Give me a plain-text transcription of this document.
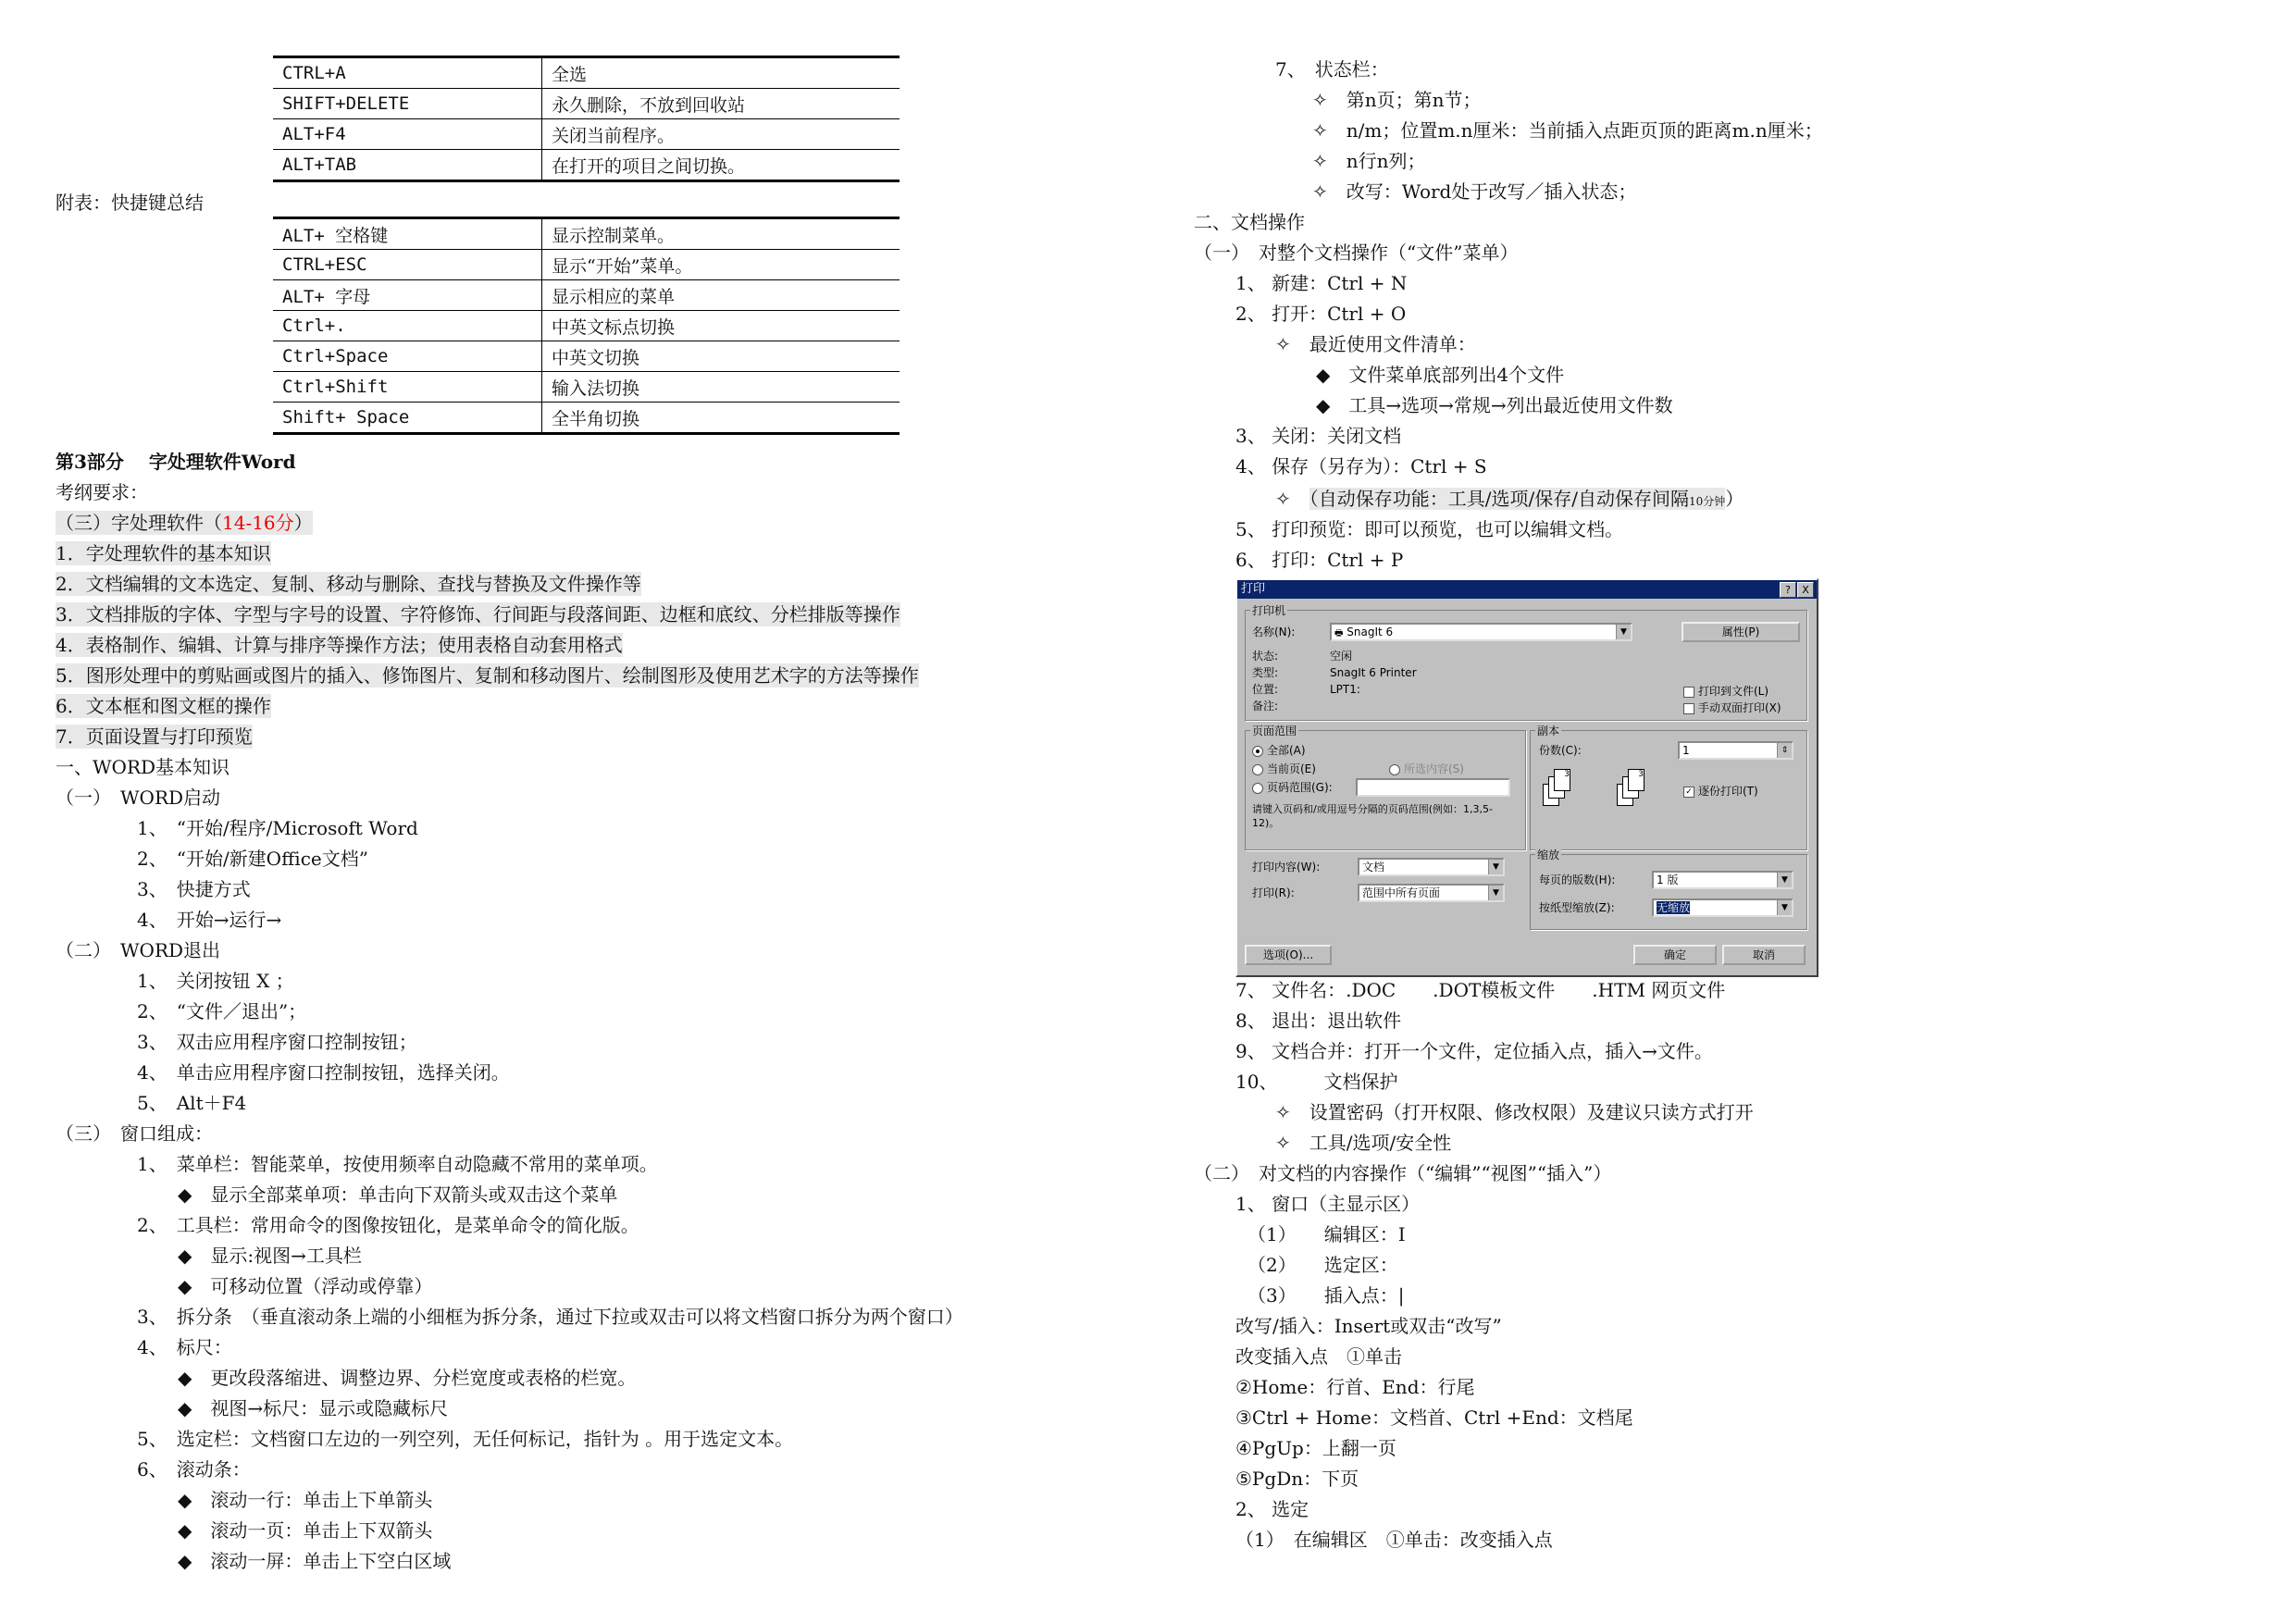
CTRL+A	全选
SHIFT+DELETE	永久删除，不放到回收站
ALT+F4	关闭当前程序。
ALT+TAB	在打开的项目之间切换。
附表：快捷键总结
ALT+ 空格键	显示控制菜单。
CTRL+ESC	显示“开始”菜单。
ALT+ 字母	显示相应的菜单
Ctrl+.	中英文标点切换
Ctrl+Space	中英文切换
Ctrl+Shift	输入法切换
Shift+ Space	全半角切换
第3部分　 字处理软件Word
考纲要求：
（三）字处理软件（14-16分）
1．字处理软件的基本知识
2．文档编辑的文本选定、复制、移动与删除、查找与替换及文件操作等
3．文档排版的字体、字型与字号的设置、字符修饰、行间距与段落间距、边框和底纹、分栏排版等操作
4．表格制作、编辑、计算与排序等操作方法；使用表格自动套用格式
5．图形处理中的剪贴画或图片的插入、修饰图片、复制和移动图片、绘制图形及使用艺术字的方法等操作
6．文本框和图文框的操作
7．页面设置与打印预览
一、WORD基本知识
（一）　WORD启动
1、　“开始/程序/Microsoft Word
2、　“开始/新建Office文档”
3、　快捷方式
4、　开始→运行→
（二）　WORD退出
1、　关闭按钮 X ；
2、　“文件／退出”；
3、　双击应用程序窗口控制按钮；
4、　单击应用程序窗口控制按钮，选择关闭。
5、　Alt＋F4
（三）　窗口组成：
1、　菜单栏：智能菜单，按使用频率自动隐藏不常用的菜单项。
◆　显示全部菜单项：单击向下双箭头或双击这个菜单
2、　工具栏：常用命令的图像按钮化，是菜单命令的简化版。
◆　显示:视图→工具栏
◆　可移动位置（浮动或停靠）
3、　拆分条　（垂直滚动条上端的小细框为拆分条，通过下拉或双击可以将文档窗口拆分为两个窗口）
4、　标尺：
◆　更改段落缩进、调整边界、分栏宽度或表格的栏宽。
◆　视图→标尺：显示或隐藏标尺
5、　选定栏：文档窗口左边的一列空列，无任何标记，指针为 。用于选定文本。
6、　滚动条：
◆　滚动一行：单击上下单箭头
◆　滚动一页：单击上下双箭头
◆　滚动一屏：单击上下空白区域
7、　状态栏：
✧　第n页；第n节；
✧　n/m；位置m.n厘米：当前插入点距页顶的距离m.n厘米；
✧　n行n列；
✧　改写：Word处于改写／插入状态；
二、文档操作
（一）　对整个文档操作（“文件”菜单）
1、 新建：Ctrl + N
2、 打开：Ctrl + O
✧　最近使用文件清单：
◆　文件菜单底部列出4个文件
◆　工具→选项→常规→列出最近使用文件数
3、 关闭：关闭文档
4、 保存（另存为）：Ctrl + S
✧　（自动保存功能：工具/选项/保存/自动保存间隔10分钟）
5、 打印预览：即可以预览，也可以编辑文档。
6、 打印：Ctrl + P
打印	?	X
打印机
名称(N):	🖶 SnagIt 6	▼	属性(P)
状态:	空闲
类型:	SnagIt 6 Printer
位置:	LPT1:
备注:
打印到文件(L)
手动双面打印(X)
页面范围
全部(A)
当前页(E)	所选内容(S)
页码范围(G):
请键入页码和/或用逗号分隔的页码范围(例如：1,3,5-12)。
副本
份数(C):	1	⇕
3	3
✓ 逐份打印(T)
打印内容(W):	文档	▼
打印(R):	范围中所有页面	▼
缩放
每页的版数(H):	1 版	▼
按纸型缩放(Z):	无缩放	▼
选项(O)...	确定	取消
7、 文件名：.DOC　　.DOT模板文件　　.HTM 网页文件
8、 退出：退出软件
9、 文档合并：打开一个文件，定位插入点，插入→文件。
10、　　　文档保护
✧　设置密码（打开权限、修改权限）及建议只读方式打开
✧　工具/选项/安全性
（二）　对文档的内容操作（“编辑”“视图”“插入”）
1、 窗口（主显示区）
（1）　　编辑区：I
（2）　　选定区：
（3）　　插入点：|
改写/插入：Insert或双击“改写”
改变插入点　①单击
②Home：行首、End：行尾
③Ctrl + Home：文档首、Ctrl +End：文档尾
④PgUp：上翻一页
⑤PgDn：下页
2、 选定
（1）　在编辑区　①单击：改变插入点
